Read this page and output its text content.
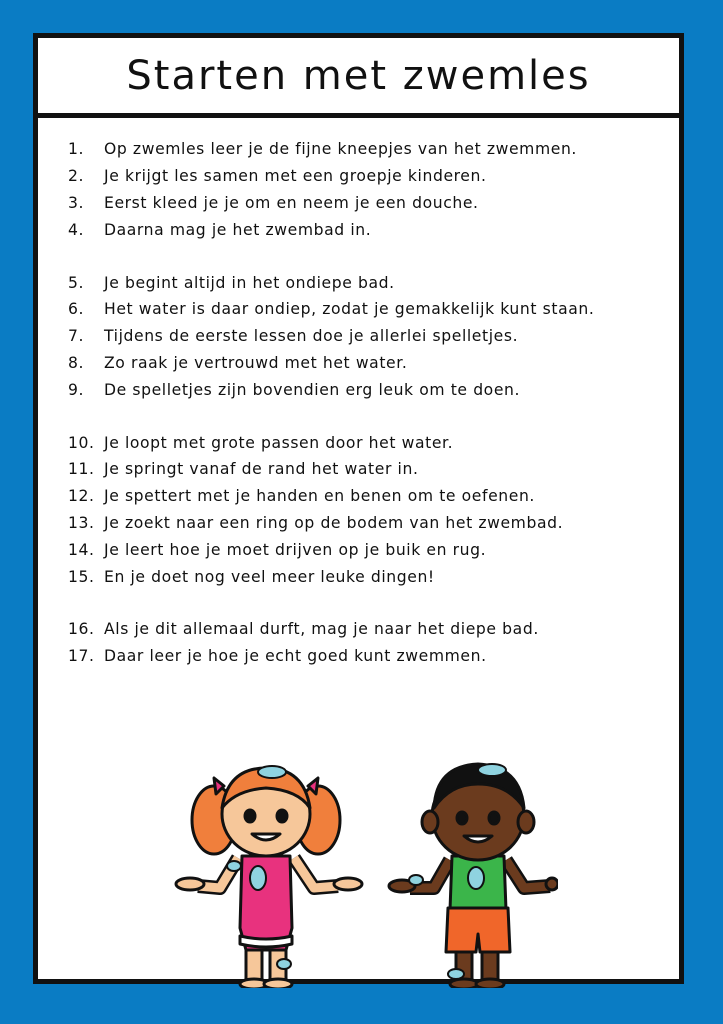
Starten met zwemles
1.	Op zwemles leer je de fijne kneepjes van het zwemmen.
2.	Je krijgt les samen met een groepje kinderen.
3.	Eerst kleed je je om en neem je een douche.
4.	Daarna mag je het zwembad in.
5.	Je begint altijd in het ondiepe bad.
6.	Het water is daar ondiep, zodat je gemakkelijk kunt staan.
7.	Tijdens de eerste lessen doe je allerlei spelletjes.
8.	Zo raak je vertrouwd met het water.
9.	De spelletjes zijn bovendien erg leuk om te doen.
10. Je loopt met grote passen door het water.
11. Je springt vanaf de rand het water in.
12. Je spettert met je handen en benen om te oefenen.
13. Je zoekt naar een ring op de bodem van het zwembad.
14. Je leert hoe je moet drijven op je buik en rug.
15. En je doet nog veel meer leuke dingen!
16. Als je dit allemaal durft, mag je naar het diepe bad.
17. Daar leer je hoe je echt goed kunt zwemmen.
